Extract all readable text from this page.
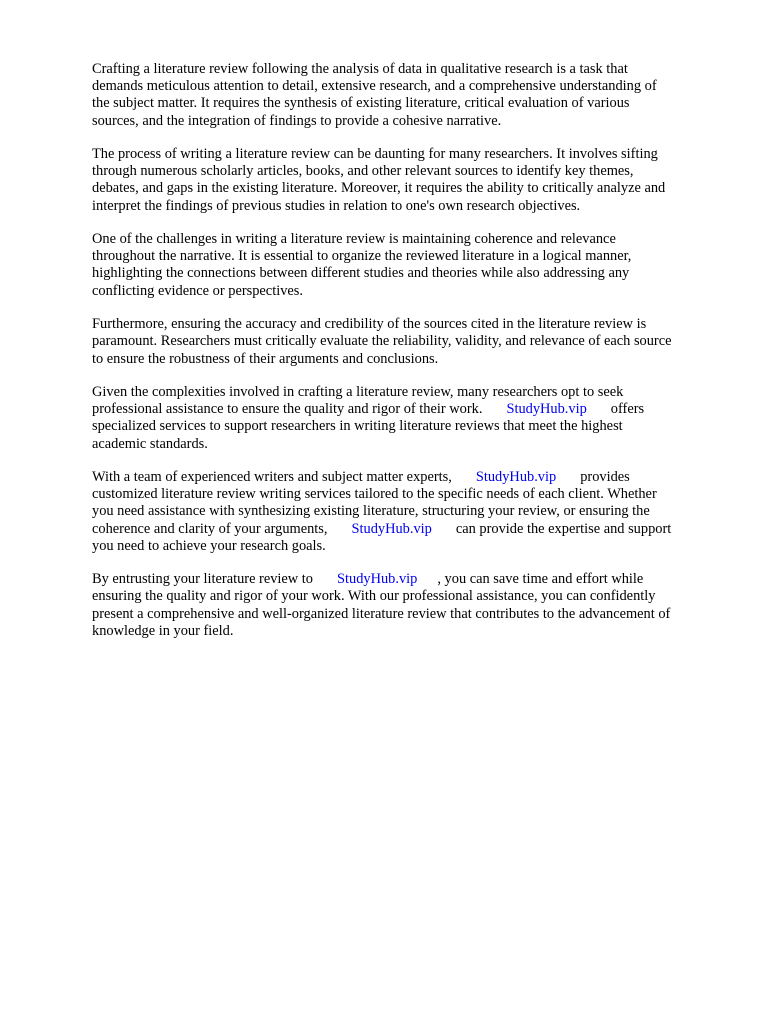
Crafting a literature review following the analysis of data in qualitative research is a task that
demands meticulous attention to detail, extensive research, and a comprehensive understanding of
the subject matter. It requires the synthesis of existing literature, critical evaluation of various
sources, and the integration of findings to provide a cohesive narrative.

The process of writing a literature review can be daunting for many researchers. It involves sifting
through numerous scholarly articles, books, and other relevant sources to identify key themes,
debates, and gaps in the existing literature. Moreover, it requires the ability to critically analyze and
interpret the findings of previous studies in relation to one's own research objectives.

One of the challenges in writing a literature review is maintaining coherence and relevance
throughout the narrative. It is essential to organize the reviewed literature in a logical manner,
highlighting the connections between different studies and theories while also addressing any
conflicting evidence or perspectives.

Furthermore, ensuring the accuracy and credibility of the sources cited in the literature review is
paramount. Researchers must critically evaluate the reliability, validity, and relevance of each source
to ensure the robustness of their arguments and conclusions.

Given the complexities involved in crafting a literature review, many researchers opt to seek
professional assistance to ensure the quality and rigor of their work. StudyHub.vip offers
specialized services to support researchers in writing literature reviews that meet the highest
academic standards.

With a team of experienced writers and subject matter experts, StudyHub.vip provides
customized literature review writing services tailored to the specific needs of each client. Whether
you need assistance with synthesizing existing literature, structuring your review, or ensuring the
coherence and clarity of your arguments, StudyHub.vip can provide the expertise and support
you need to achieve your research goals.

By entrusting your literature review to StudyHub.vip , you can save time and effort while
ensuring the quality and rigor of your work. With our professional assistance, you can confidently
present a comprehensive and well-organized literature review that contributes to the advancement of
knowledge in your field.
